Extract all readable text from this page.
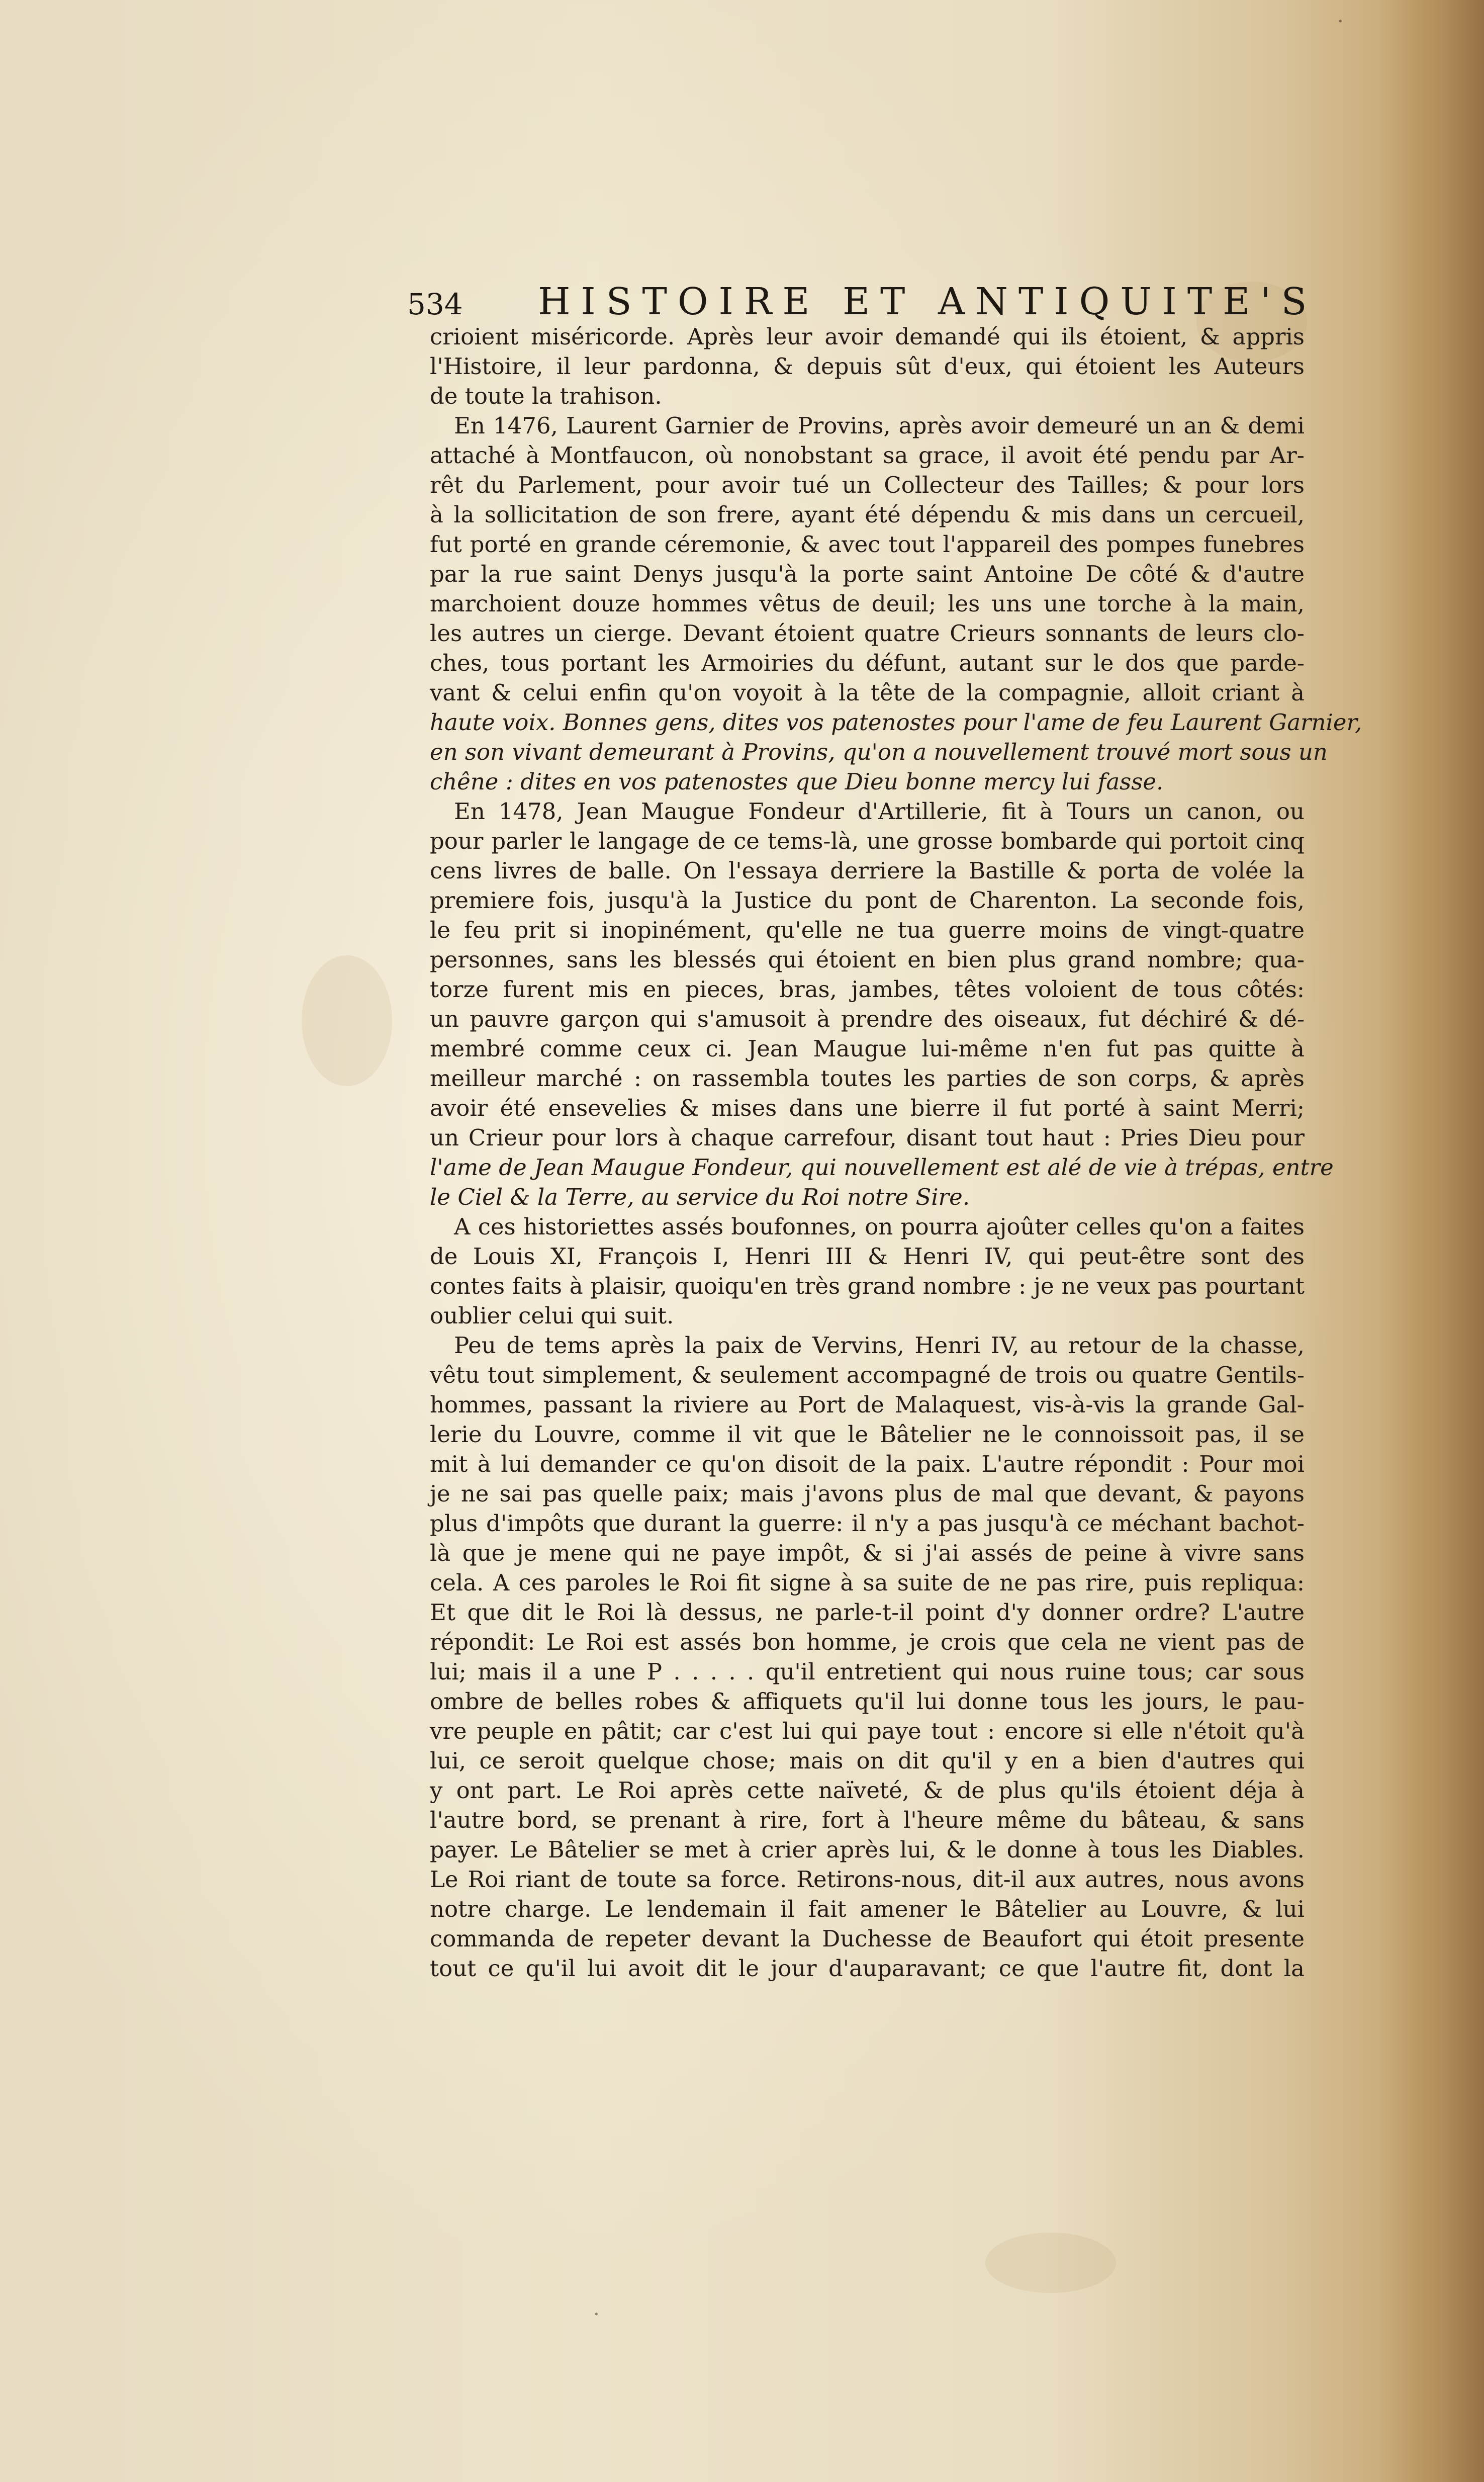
·
·
534 HISTOIRE ET ANTIQUITE'S
crioient miséricorde. Après leur avoir demandé qui ils étoient, & appris
l'Histoire, il leur pardonna, & depuis sût d'eux, qui étoient les Auteurs
de toute la trahison.
En 1476, Laurent Garnier de Provins, après avoir demeuré un an & demi
attaché à Montfaucon, où nonobstant sa grace, il avoit été pendu par Ar-
rêt du Parlement, pour avoir tué un Collecteur des Tailles; & pour lors
à la sollicitation de son frere, ayant été dépendu & mis dans un cercueil,
fut porté en grande céremonie, & avec tout l'appareil des pompes funebres
par la rue saint Denys jusqu'à la porte saint Antoine De côté & d'autre
marchoient douze hommes vêtus de deuil; les uns une torche à la main,
les autres un cierge. Devant étoient quatre Crieurs sonnants de leurs clo-
ches, tous portant les Armoiries du défunt, autant sur le dos que parde-
vant & celui enfin qu'on voyoit à la tête de la compagnie, alloit criant à
haute voix. Bonnes gens, dites vos patenostes pour l'ame de feu Laurent Garnier,
en son vivant demeurant à Provins, qu'on a nouvellement trouvé mort sous un
chêne : dites en vos patenostes que Dieu bonne mercy lui fasse.
En 1478, Jean Maugue Fondeur d'Artillerie, fit à Tours un canon, ou
pour parler le langage de ce tems-là, une grosse bombarde qui portoit cinq
cens livres de balle. On l'essaya derriere la Bastille & porta de volée la
premiere fois, jusqu'à la Justice du pont de Charenton. La seconde fois,
le feu prit si inopinément, qu'elle ne tua guerre moins de vingt-quatre
personnes, sans les blessés qui étoient en bien plus grand nombre; qua-
torze furent mis en pieces, bras, jambes, têtes voloient de tous côtés:
un pauvre garçon qui s'amusoit à prendre des oiseaux, fut déchiré & dé-
membré comme ceux ci. Jean Maugue lui-même n'en fut pas quitte à
meilleur marché : on rassembla toutes les parties de son corps, & après
avoir été ensevelies & mises dans une bierre il fut porté à saint Merri;
un Crieur pour lors à chaque carrefour, disant tout haut : Pries Dieu pour
l'ame de Jean Maugue Fondeur, qui nouvellement est alé de vie à trépas, entre
le Ciel & la Terre, au service du Roi notre Sire.
A ces historiettes assés boufonnes, on pourra ajoûter celles qu'on a faites
de Louis XI, François I, Henri III & Henri IV, qui peut-être sont des
contes faits à plaisir, quoiqu'en très grand nombre : je ne veux pas pourtant
oublier celui qui suit.
Peu de tems après la paix de Vervins, Henri IV, au retour de la chasse,
vêtu tout simplement, & seulement accompagné de trois ou quatre Gentils-
hommes, passant la riviere au Port de Malaquest, vis-à-vis la grande Gal-
lerie du Louvre, comme il vit que le Bâtelier ne le connoissoit pas, il se
mit à lui demander ce qu'on disoit de la paix. L'autre répondit : Pour moi
je ne sai pas quelle paix; mais j'avons plus de mal que devant, & payons
plus d'impôts que durant la guerre: il n'y a pas jusqu'à ce méchant bachot-
là que je mene qui ne paye impôt, & si j'ai assés de peine à vivre sans
cela. A ces paroles le Roi fit signe à sa suite de ne pas rire, puis repliqua:
Et que dit le Roi là dessus, ne parle-t-il point d'y donner ordre? L'autre
répondit: Le Roi est assés bon homme, je crois que cela ne vient pas de
lui; mais il a une P . . . . . qu'il entretient qui nous ruine tous; car sous
ombre de belles robes & affiquets qu'il lui donne tous les jours, le pau-
vre peuple en pâtit; car c'est lui qui paye tout : encore si elle n'étoit qu'à
lui, ce seroit quelque chose; mais on dit qu'il y en a bien d'autres qui
y ont part. Le Roi après cette naïveté, & de plus qu'ils étoient déja à
l'autre bord, se prenant à rire, fort à l'heure même du bâteau, & sans
payer. Le Bâtelier se met à crier après lui, & le donne à tous les Diables.
Le Roi riant de toute sa force. Retirons-nous, dit-il aux autres, nous avons
notre charge. Le lendemain il fait amener le Bâtelier au Louvre, & lui
commanda de repeter devant la Duchesse de Beaufort qui étoit presente
tout ce qu'il lui avoit dit le jour d'auparavant; ce que l'autre fit, dont la
